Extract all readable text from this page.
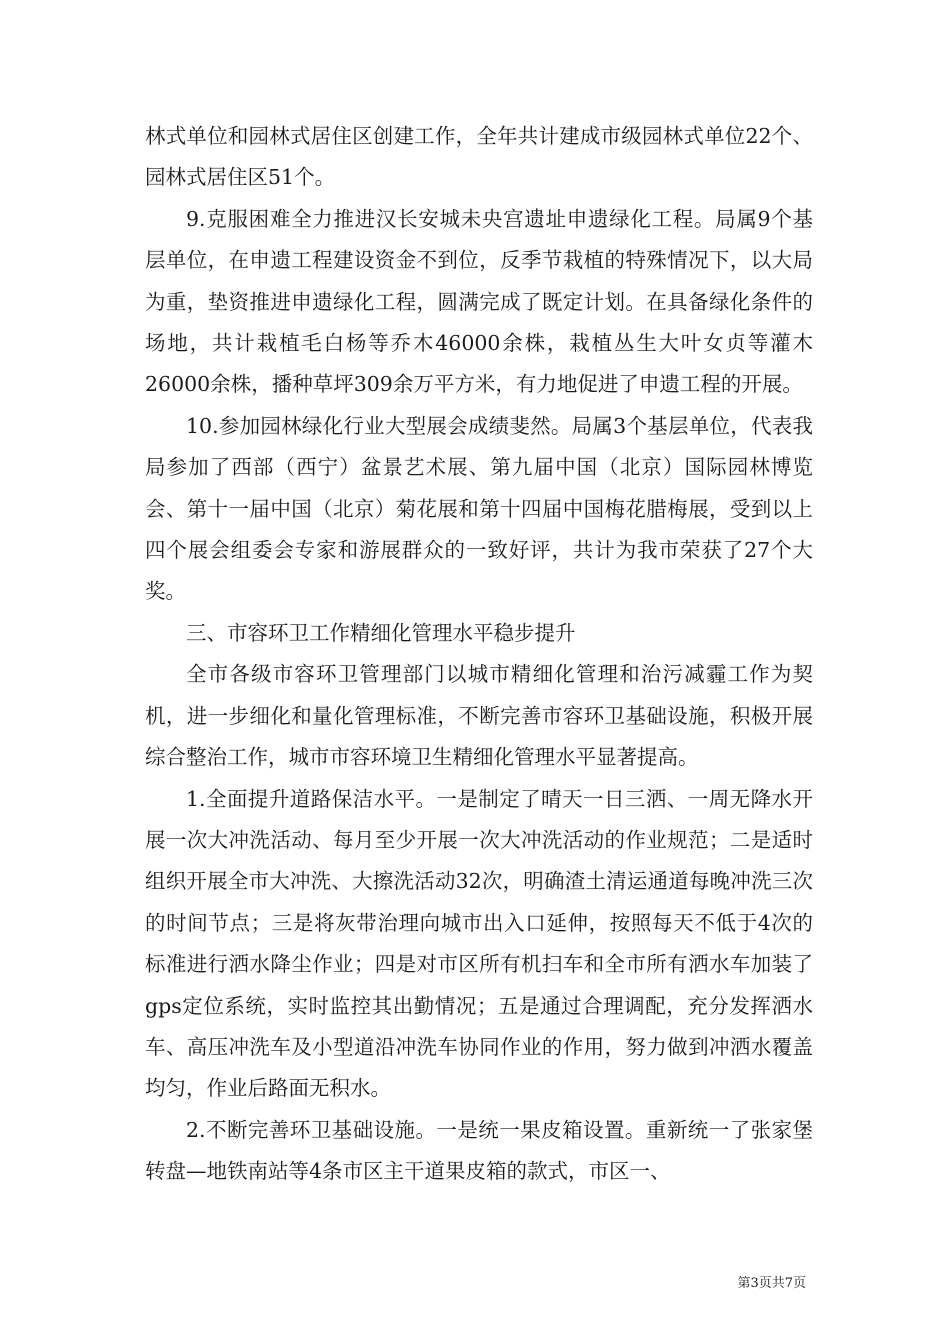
林式单位和园林式居住区创建工作，全年共计建成市级园林式单位22个、园林式居住区51个。

9.克服困难全力推进汉长安城未央宫遗址申遗绿化工程。局属9个基层单位，在申遗工程建设资金不到位，反季节栽植的特殊情况下，以大局为重，垫资推进申遗绿化工程，圆满完成了既定计划。在具备绿化条件的场地，共计栽植毛白杨等乔木46000余株，栽植丛生大叶女贞等灌木26000余株，播种草坪309余万平方米，有力地促进了申遗工程的开展。

10.参加园林绿化行业大型展会成绩斐然。局属3个基层单位，代表我局参加了西部（西宁）盆景艺术展、第九届中国（北京）国际园林博览会、第十一届中国（北京）菊花展和第十四届中国梅花腊梅展，受到以上四个展会组委会专家和游展群众的一致好评，共计为我市荣获了27个大奖。

三、市容环卫工作精细化管理水平稳步提升

全市各级市容环卫管理部门以城市精细化管理和治污减霾工作为契机，进一步细化和量化管理标准，不断完善市容环卫基础设施，积极开展综合整治工作，城市市容环境卫生精细化管理水平显著提高。

1.全面提升道路保洁水平。一是制定了晴天一日三洒、一周无降水开展一次大冲洗活动、每月至少开展一次大冲洗活动的作业规范；二是适时组织开展全市大冲洗、大擦洗活动32次，明确渣土清运通道每晚冲洗三次的时间节点；三是将灰带治理向城市出入口延伸，按照每天不低于4次的标准进行洒水降尘作业；四是对市区所有机扫车和全市所有洒水车加装了gps定位系统，实时监控其出勤情况；五是通过合理调配，充分发挥洒水车、高压冲洗车及小型道沿冲洗车协同作业的作用，努力做到冲洒水覆盖均匀，作业后路面无积水。

2.不断完善环卫基础设施。一是统一果皮箱设置。重新统一了张家堡转盘—地铁南站等4条市区主干道果皮箱的款式，市区一、

第3页共7页
